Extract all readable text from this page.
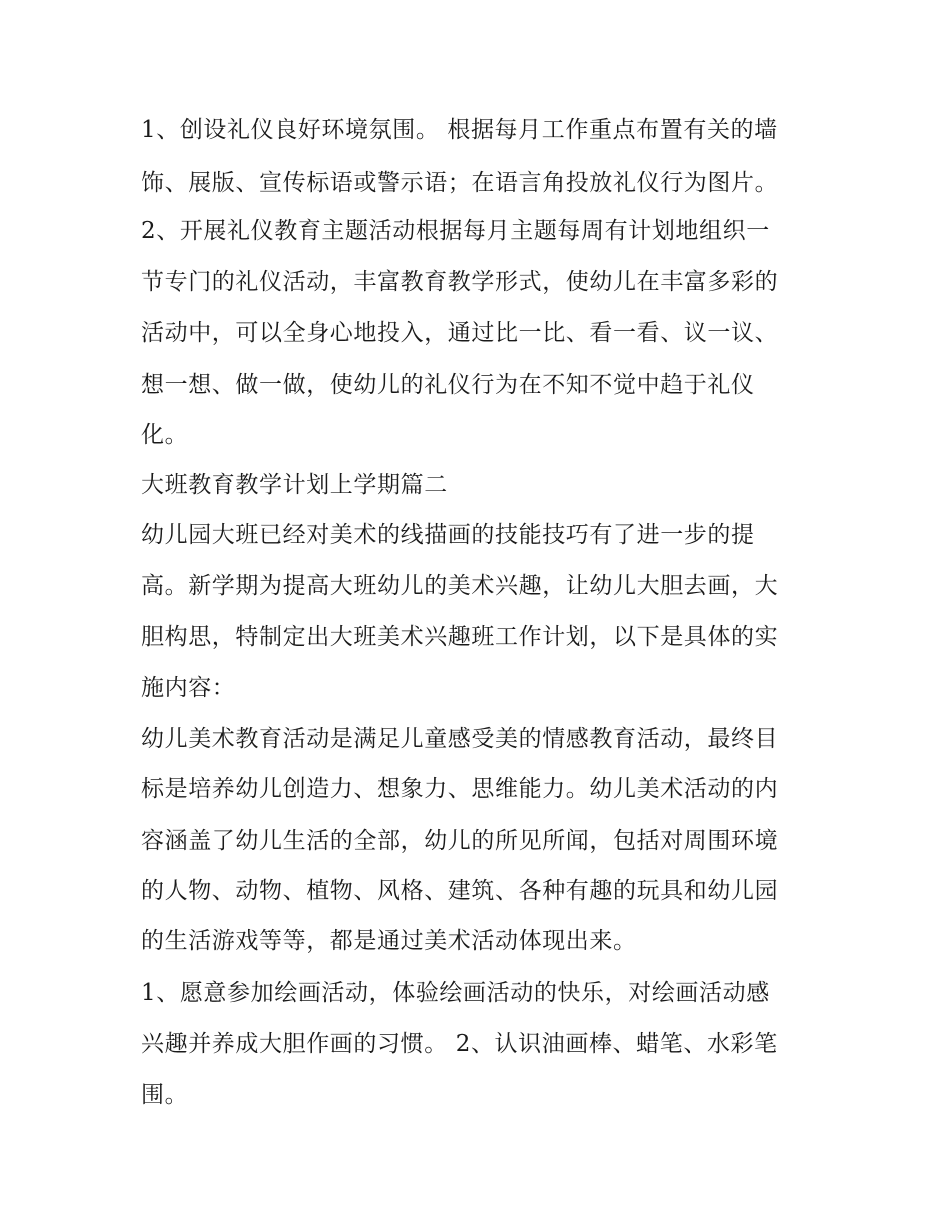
1、创设礼仪良好环境氛围。 根据每月工作重点布置有关的墙
饰、展版、宣传标语或警示语；在语言角投放礼仪行为图片。
2、开展礼仪教育主题活动根据每月主题每周有计划地组织一
节专门的礼仪活动，丰富教育教学形式，使幼儿在丰富多彩的
活动中，可以全身心地投入，通过比一比、看一看、议一议、
想一想、做一做，使幼儿的礼仪行为在不知不觉中趋于礼仪
化。
大班教育教学计划上学期篇二
幼儿园大班已经对美术的线描画的技能技巧有了进一步的提
高。新学期为提高大班幼儿的美术兴趣，让幼儿大胆去画，大
胆构思，特制定出大班美术兴趣班工作计划，以下是具体的实
施内容：
幼儿美术教育活动是满足儿童感受美的情感教育活动，最终目
标是培养幼儿创造力、想象力、思维能力。幼儿美术活动的内
容涵盖了幼儿生活的全部，幼儿的所见所闻，包括对周围环境
的人物、动物、植物、风格、建筑、各种有趣的玩具和幼儿园
的生活游戏等等，都是通过美术活动体现出来。
1、愿意参加绘画活动，体验绘画活动的快乐，对绘画活动感
兴趣并养成大胆作画的习惯。 2、认识油画棒、蜡笔、水彩笔
围。
